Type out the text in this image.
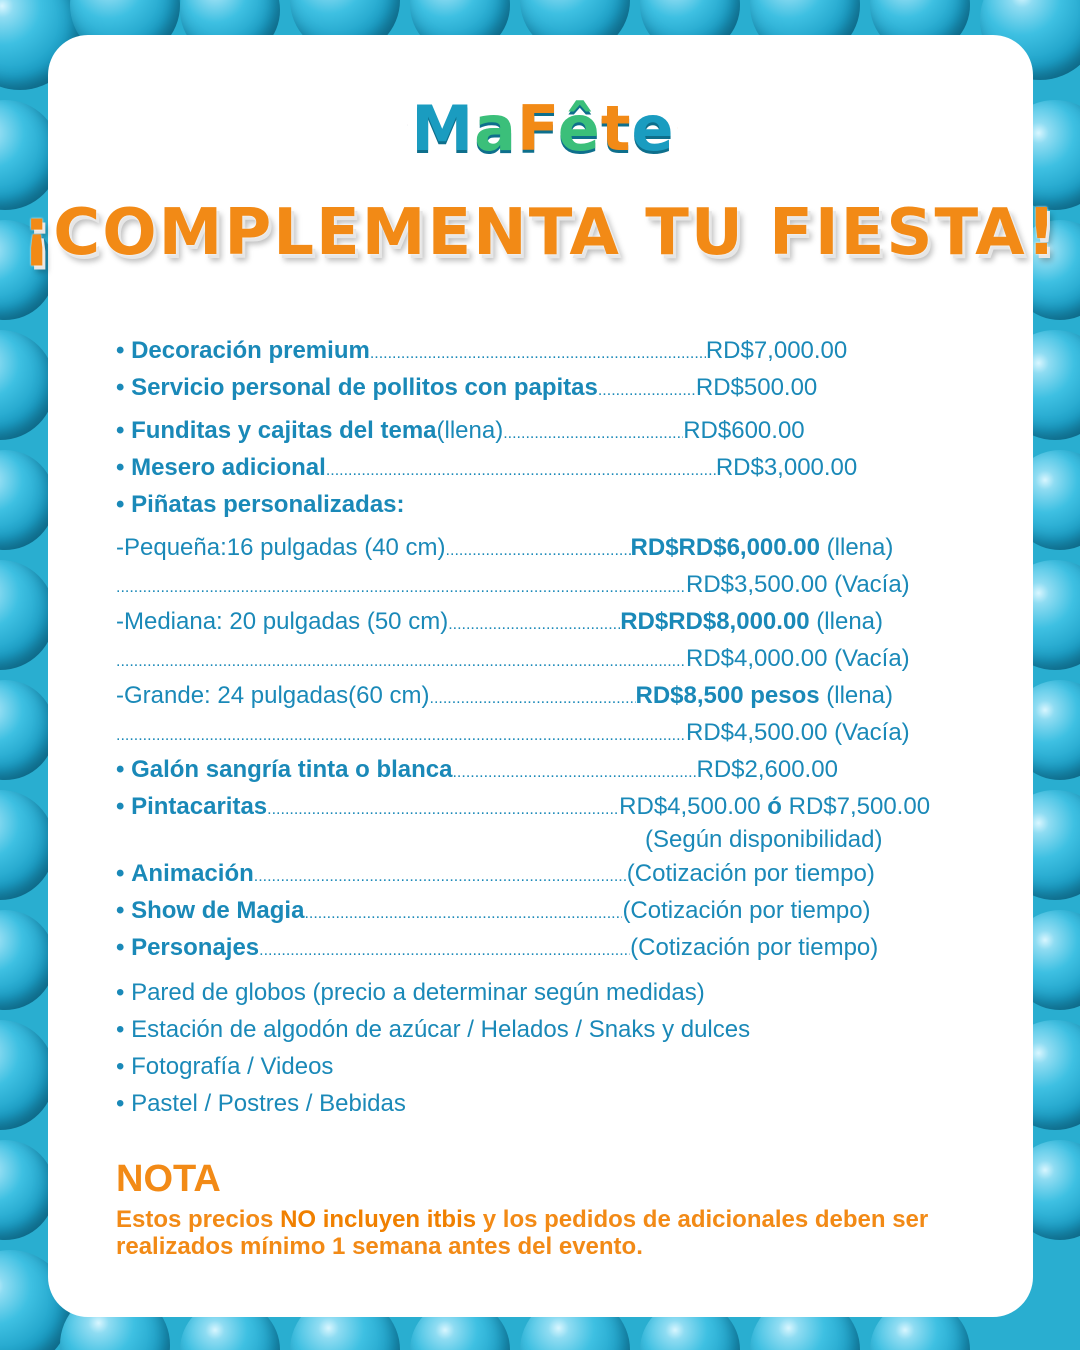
MaFête
¡COMPLEMENTA TU FIESTA!
•
Decoración premium .....	RD$7,000.00
•
Servicio personal de pollitos con papitas .....	RD$500.00
•
Funditas y cajitas del tema (llena) .....	RD$600.00
•
Mesero adicional .....	RD$3,000.00
• Piñatas personalizadas:
-Pequeña:16 pulgadas (40 cm) .....	RD$RD$6,000.00 (llena)
.....
RD$3,500.00 (Vacía)
-Mediana: 20 pulgadas (50 cm) .....	RD$RD$8,000.00 (llena)
.....
RD$4,000.00 (Vacía)
-Grande: 24 pulgadas(60 cm) .....	RD$8,500 pesos (llena)
.....
RD$4,500.00 (Vacía)
•
Galón sangría tinta o blanca .....	RD$2,600.00
•
Pintacaritas .....	RD$4,500.00 ó RD$7,500.00
(Según disponibilidad)
•
Animación .....	(Cotización por tiempo)
•
Show de Magia .....	(Cotización por tiempo)
•
Personajes .....	(Cotización por tiempo)
• Pared de globos (precio a determinar según medidas)
• Estación de algodón de azúcar / Helados / Snaks y dulces
• Fotografía / Videos
• Pastel / Postres / Bebidas
NOTA

Estos precios NO incluyen itbis y los pedidos de adicionales deben ser realizados mínimo 1 semana antes del evento.
